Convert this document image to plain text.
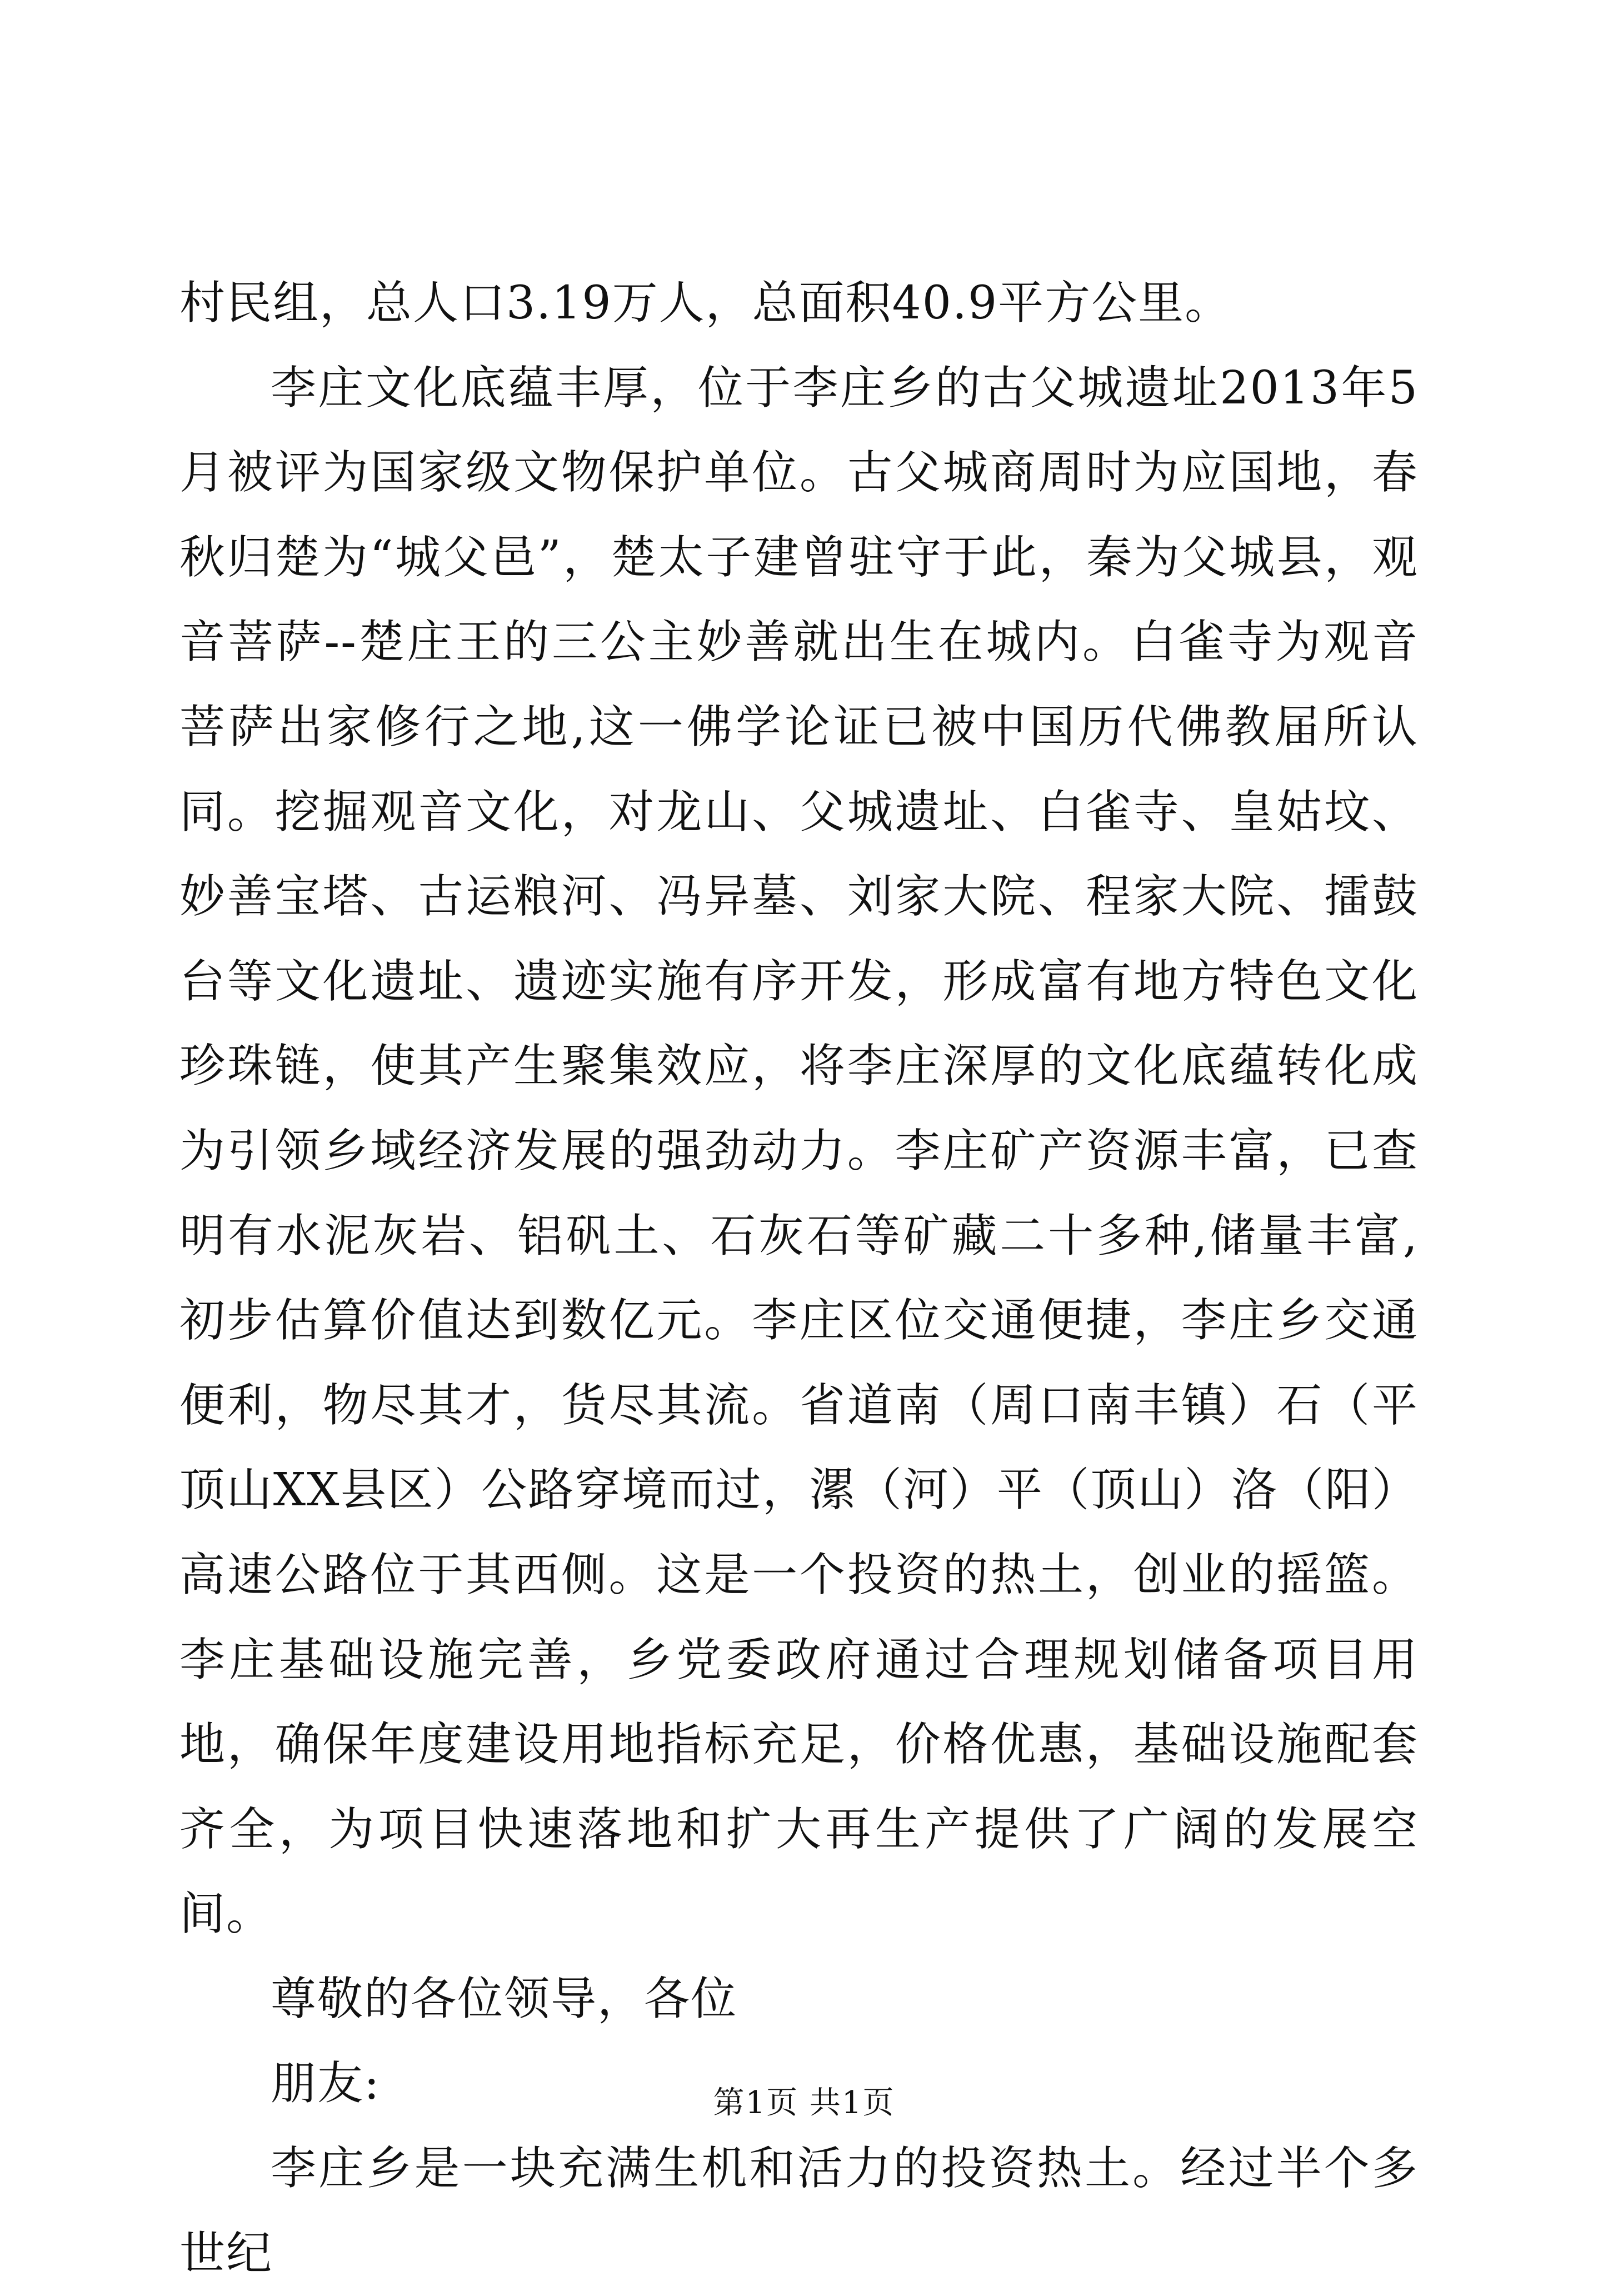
村民组，总人口3.19万人，总面积40.9平方公里。

李庄文化底蕴丰厚，位于李庄乡的古父城遗址2013年5月被评为国家级文物保护单位。古父城商周时为应国地，春秋归楚为“城父邑”，楚太子建曾驻守于此，秦为父城县，观音菩萨--楚庄王的三公主妙善就出生在城内。白雀寺为观音菩萨出家修行之地,这一佛学论证已被中国历代佛教届所认同。挖掘观音文化，对龙山、父城遗址、白雀寺、皇姑坟、妙善宝塔、古运粮河、冯异墓、刘家大院、程家大院、擂鼓台等文化遗址、遗迹实施有序开发，形成富有地方特色文化珍珠链，使其产生聚集效应，将李庄深厚的文化底蕴转化成为引领乡域经济发展的强劲动力。李庄矿产资源丰富，已查明有水泥灰岩、铝矾土、石灰石等矿藏二十多种,储量丰富,初步估算价值达到数亿元。李庄区位交通便捷，李庄乡交通便利，物尽其才，货尽其流。省道南（周口南丰镇）石（平顶山XX县区）公路穿境而过，漯（河）平（顶山）洛（阳）高速公路位于其西侧。这是一个投资的热土，创业的摇篮。李庄基础设施完善，乡党委政府通过合理规划储备项目用地，确保年度建设用地指标充足，价格优惠，基础设施配套齐全，为项目快速落地和扩大再生产提供了广阔的发展空间。

尊敬的各位领导，各位

朋友:

李庄乡是一块充满生机和活力的投资热土。经过半个多世纪

第1页 共1页
